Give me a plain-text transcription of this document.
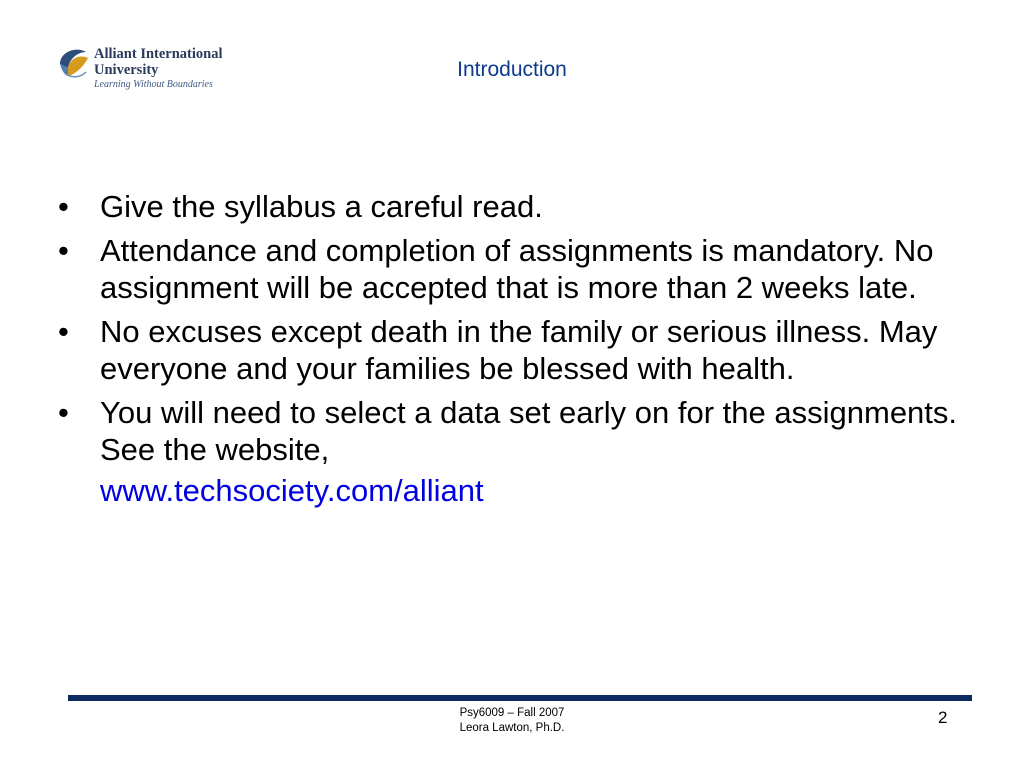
Alliant International
University
Learning Without Boundaries
Introduction
• Give the syllabus a careful read.
• Attendance and completion of assignments is mandatory. No assignment will be accepted that is more than 2 weeks late.
• No excuses except death in the family or serious illness. May everyone and your families be blessed with health.
• You will need to select a data set early on for the assignments. See the website,
www.techsociety.com/alliant
Psy6009 – Fall 2007
Leora Lawton, Ph.D.
2
